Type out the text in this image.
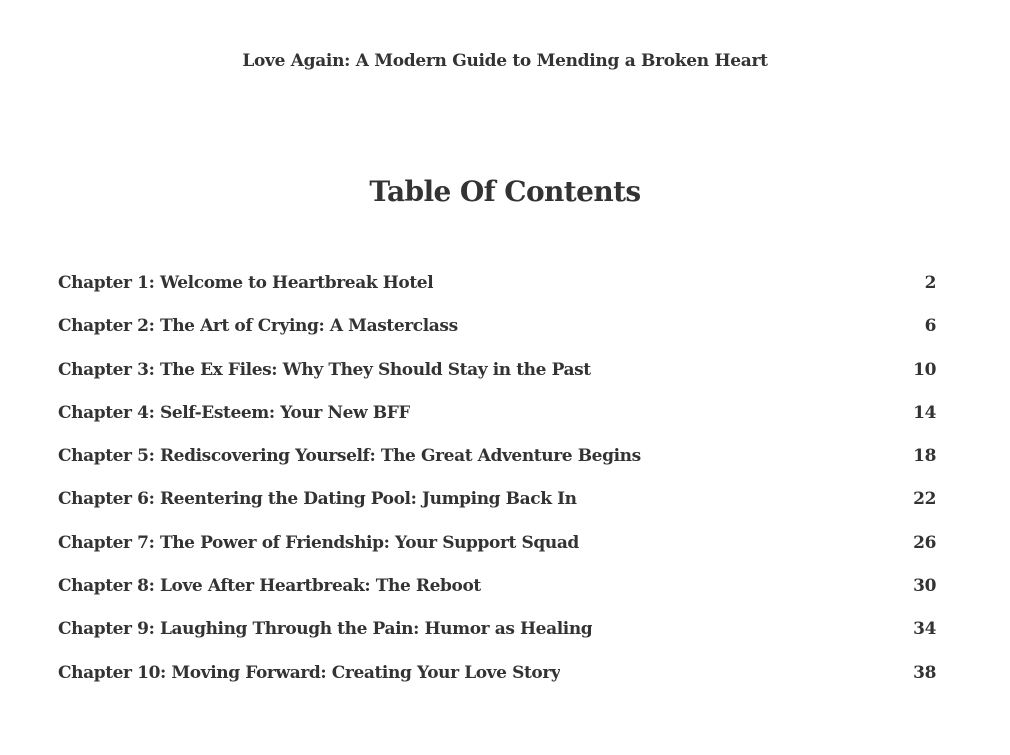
Love Again: A Modern Guide to Mending a Broken Heart
Table Of Contents
Chapter 1: Welcome to Heartbreak Hotel	2
Chapter 2: The Art of Crying: A Masterclass	6
Chapter 3: The Ex Files: Why They Should Stay in the Past	10
Chapter 4: Self-Esteem: Your New BFF	14
Chapter 5: Rediscovering Yourself: The Great Adventure Begins	18
Chapter 6: Reentering the Dating Pool: Jumping Back In	22
Chapter 7: The Power of Friendship: Your Support Squad	26
Chapter 8: Love After Heartbreak: The Reboot	30
Chapter 9: Laughing Through the Pain: Humor as Healing	34
Chapter 10: Moving Forward: Creating Your Love Story	38
